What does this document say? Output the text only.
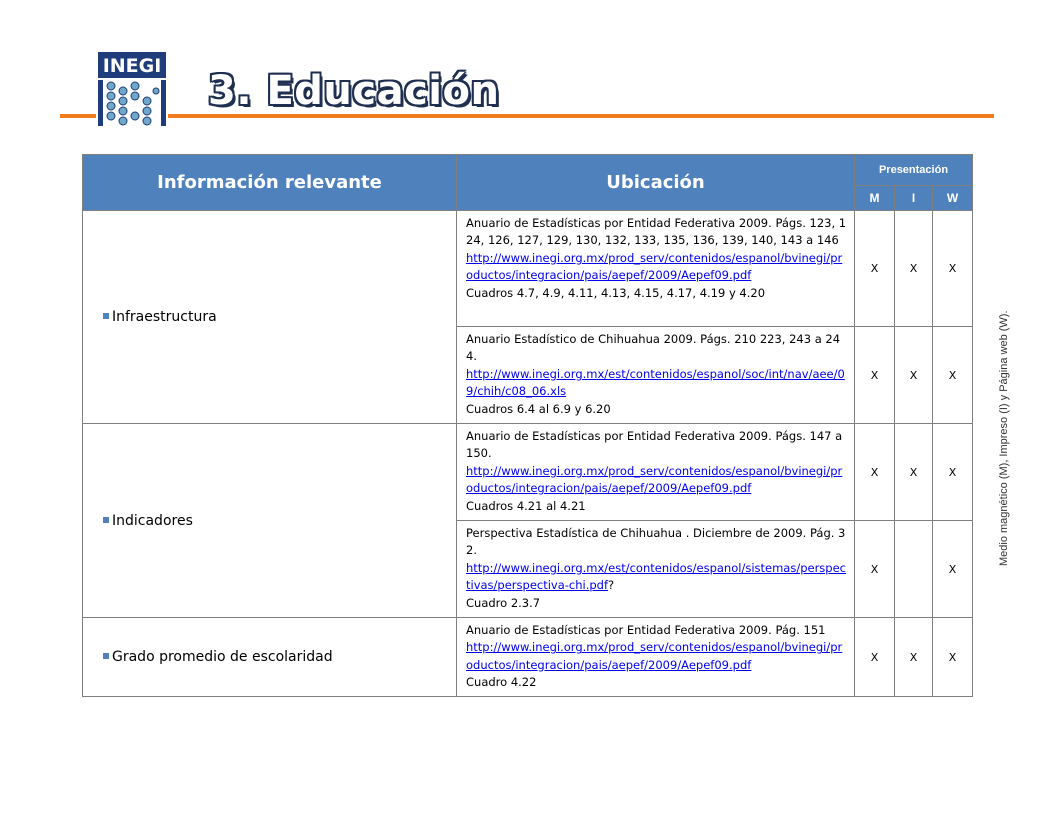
INEGI
3. Educación
Información relevante	Ubicación	Presentación		
		M	I	W
Infraestructura	Anuario de Estadísticas por Entidad Federativa 2009. Págs. 123, 124, 126, 127, 129, 130, 132, 133, 135, 136, 139, 140, 143 a 146
http://www.inegi.org.mx/prod_serv/contenidos/espanol/bvinegi/productos/integracion/pais/aepef/2009/Aepef09.pdf
Cuadros 4.7, 4.9, 4.11, 4.13, 4.15, 4.17, 4.19 y 4.20	X	X	X
	Anuario Estadístico de Chihuahua 2009. Págs. 210 223, 243 a 244.
http://www.inegi.org.mx/est/contenidos/espanol/soc/int/nav/aee/09/chih/c08_06.xls
Cuadros 6.4 al 6.9 y 6.20	X	X	X
Indicadores	Anuario de Estadísticas por Entidad Federativa 2009. Págs. 147 a 150.
http://www.inegi.org.mx/prod_serv/contenidos/espanol/bvinegi/productos/integracion/pais/aepef/2009/Aepef09.pdf
Cuadros 4.21 al 4.21	X	X	X
	Perspectiva Estadística de Chihuahua . Diciembre de 2009. Pág. 32.
http://www.inegi.org.mx/est/contenidos/espanol/sistemas/perspectivas/perspectiva-chi.pdf?
Cuadro 2.3.7	X		X
Grado promedio de escolaridad	Anuario de Estadísticas por Entidad Federativa 2009. Pág. 151
http://www.inegi.org.mx/prod_serv/contenidos/espanol/bvinegi/productos/integracion/pais/aepef/2009/Aepef09.pdf
Cuadro 4.22	X	X	X
Medio magnético (M), Impreso (I) y Página web (W).
